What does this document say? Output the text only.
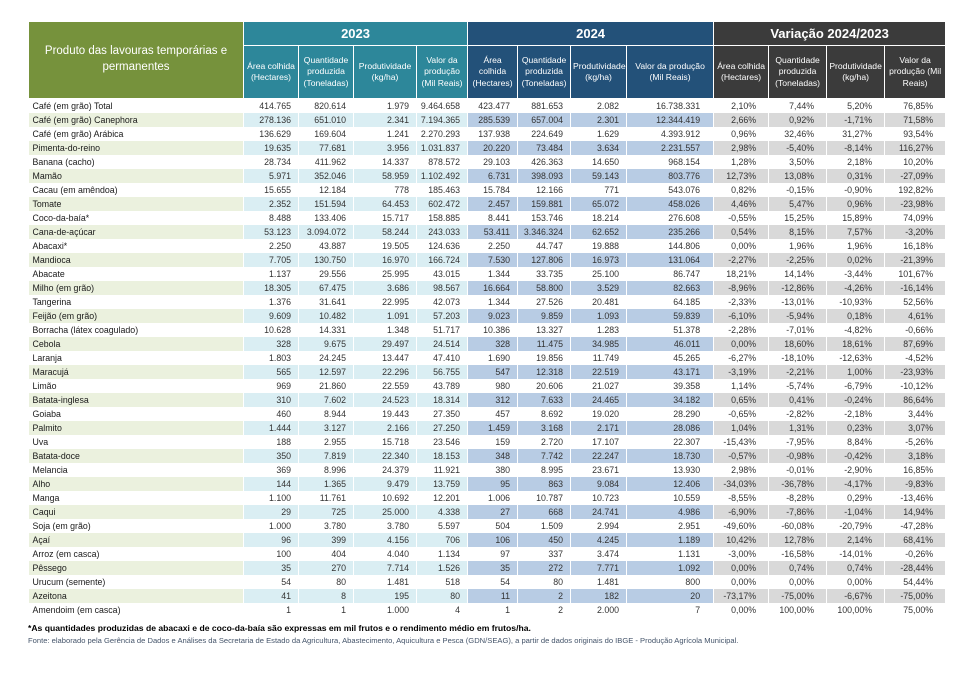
Produto das lavouras temporárias e permanentes	2023				2024				Variação 2024/2023			
	Área colhida (Hectares)	Quantidade produzida (Toneladas)	Produtividade (kg/ha)	Valor da produção (Mil Reais)	Área colhida (Hectares)	Quantidade produzida (Toneladas)	Produtividade (kg/ha)	Valor da produção (Mil Reais)	Área colhida (Hectares)	Quantidade produzida (Toneladas)	Produtividade (kg/ha)	Valor da produção (Mil Reais)
Café (em grão) Total	414.765	820.614	1.979	9.464.658	423.477	881.653	2.082	16.738.331	2,10%	7,44%	5,20%	76,85%
Café (em grão) Canephora	278.136	651.010	2.341	7.194.365	285.539	657.004	2.301	12.344.419	2,66%	0,92%	-1,71%	71,58%
Café (em grão) Arábica	136.629	169.604	1.241	2.270.293	137.938	224.649	1.629	4.393.912	0,96%	32,46%	31,27%	93,54%
Pimenta-do-reino	19.635	77.681	3.956	1.031.837	20.220	73.484	3.634	2.231.557	2,98%	-5,40%	-8,14%	116,27%
Banana (cacho)	28.734	411.962	14.337	878.572	29.103	426.363	14.650	968.154	1,28%	3,50%	2,18%	10,20%
Mamão	5.971	352.046	58.959	1.102.492	6.731	398.093	59.143	803.776	12,73%	13,08%	0,31%	-27,09%
Cacau (em amêndoa)	15.655	12.184	778	185.463	15.784	12.166	771	543.076	0,82%	-0,15%	-0,90%	192,82%
Tomate	2.352	151.594	64.453	602.472	2.457	159.881	65.072	458.026	4,46%	5,47%	0,96%	-23,98%
Coco-da-baía*	8.488	133.406	15.717	158.885	8.441	153.746	18.214	276.608	-0,55%	15,25%	15,89%	74,09%
Cana-de-açúcar	53.123	3.094.072	58.244	243.033	53.411	3.346.324	62.652	235.266	0,54%	8,15%	7,57%	-3,20%
Abacaxi*	2.250	43.887	19.505	124.636	2.250	44.747	19.888	144.806	0,00%	1,96%	1,96%	16,18%
Mandioca	7.705	130.750	16.970	166.724	7.530	127.806	16.973	131.064	-2,27%	-2,25%	0,02%	-21,39%
Abacate	1.137	29.556	25.995	43.015	1.344	33.735	25.100	86.747	18,21%	14,14%	-3,44%	101,67%
Milho (em grão)	18.305	67.475	3.686	98.567	16.664	58.800	3.529	82.663	-8,96%	-12,86%	-4,26%	-16,14%
Tangerina	1.376	31.641	22.995	42.073	1.344	27.526	20.481	64.185	-2,33%	-13,01%	-10,93%	52,56%
Feijão (em grão)	9.609	10.482	1.091	57.203	9.023	9.859	1.093	59.839	-6,10%	-5,94%	0,18%	4,61%
Borracha (látex coagulado)	10.628	14.331	1.348	51.717	10.386	13.327	1.283	51.378	-2,28%	-7,01%	-4,82%	-0,66%
Cebola	328	9.675	29.497	24.514	328	11.475	34.985	46.011	0,00%	18,60%	18,61%	87,69%
Laranja	1.803	24.245	13.447	47.410	1.690	19.856	11.749	45.265	-6,27%	-18,10%	-12,63%	-4,52%
Maracujá	565	12.597	22.296	56.755	547	12.318	22.519	43.171	-3,19%	-2,21%	1,00%	-23,93%
Limão	969	21.860	22.559	43.789	980	20.606	21.027	39.358	1,14%	-5,74%	-6,79%	-10,12%
Batata-inglesa	310	7.602	24.523	18.314	312	7.633	24.465	34.182	0,65%	0,41%	-0,24%	86,64%
Goiaba	460	8.944	19.443	27.350	457	8.692	19.020	28.290	-0,65%	-2,82%	-2,18%	3,44%
Palmito	1.444	3.127	2.166	27.250	1.459	3.168	2.171	28.086	1,04%	1,31%	0,23%	3,07%
Uva	188	2.955	15.718	23.546	159	2.720	17.107	22.307	-15,43%	-7,95%	8,84%	-5,26%
Batata-doce	350	7.819	22.340	18.153	348	7.742	22.247	18.730	-0,57%	-0,98%	-0,42%	3,18%
Melancia	369	8.996	24.379	11.921	380	8.995	23.671	13.930	2,98%	-0,01%	-2,90%	16,85%
Alho	144	1.365	9.479	13.759	95	863	9.084	12.406	-34,03%	-36,78%	-4,17%	-9,83%
Manga	1.100	11.761	10.692	12.201	1.006	10.787	10.723	10.559	-8,55%	-8,28%	0,29%	-13,46%
Caqui	29	725	25.000	4.338	27	668	24.741	4.986	-6,90%	-7,86%	-1,04%	14,94%
Soja (em grão)	1.000	3.780	3.780	5.597	504	1.509	2.994	2.951	-49,60%	-60,08%	-20,79%	-47,28%
Açaí	96	399	4.156	706	106	450	4.245	1.189	10,42%	12,78%	2,14%	68,41%
Arroz (em casca)	100	404	4.040	1.134	97	337	3.474	1.131	-3,00%	-16,58%	-14,01%	-0,26%
Pêssego	35	270	7.714	1.526	35	272	7.771	1.092	0,00%	0,74%	0,74%	-28,44%
Urucum (semente)	54	80	1.481	518	54	80	1.481	800	0,00%	0,00%	0,00%	54,44%
Azeitona	41	8	195	80	11	2	182	20	-73,17%	-75,00%	-6,67%	-75,00%
Amendoim (em casca)	1	1	1.000	4	1	2	2.000	7	0,00%	100,00%	100,00%	75,00%
*As quantidades produzidas de abacaxi e de coco-da-baía são expressas em mil frutos e o rendimento médio em frutos/ha.
Fonte: elaborado pela Gerência de Dados e Análises da Secretaria de Estado da Agricultura, Abastecimento, Aquicultura e Pesca (GDN/SEAG), a partir de dados originais do IBGE - Produção Agrícola Municipal.
